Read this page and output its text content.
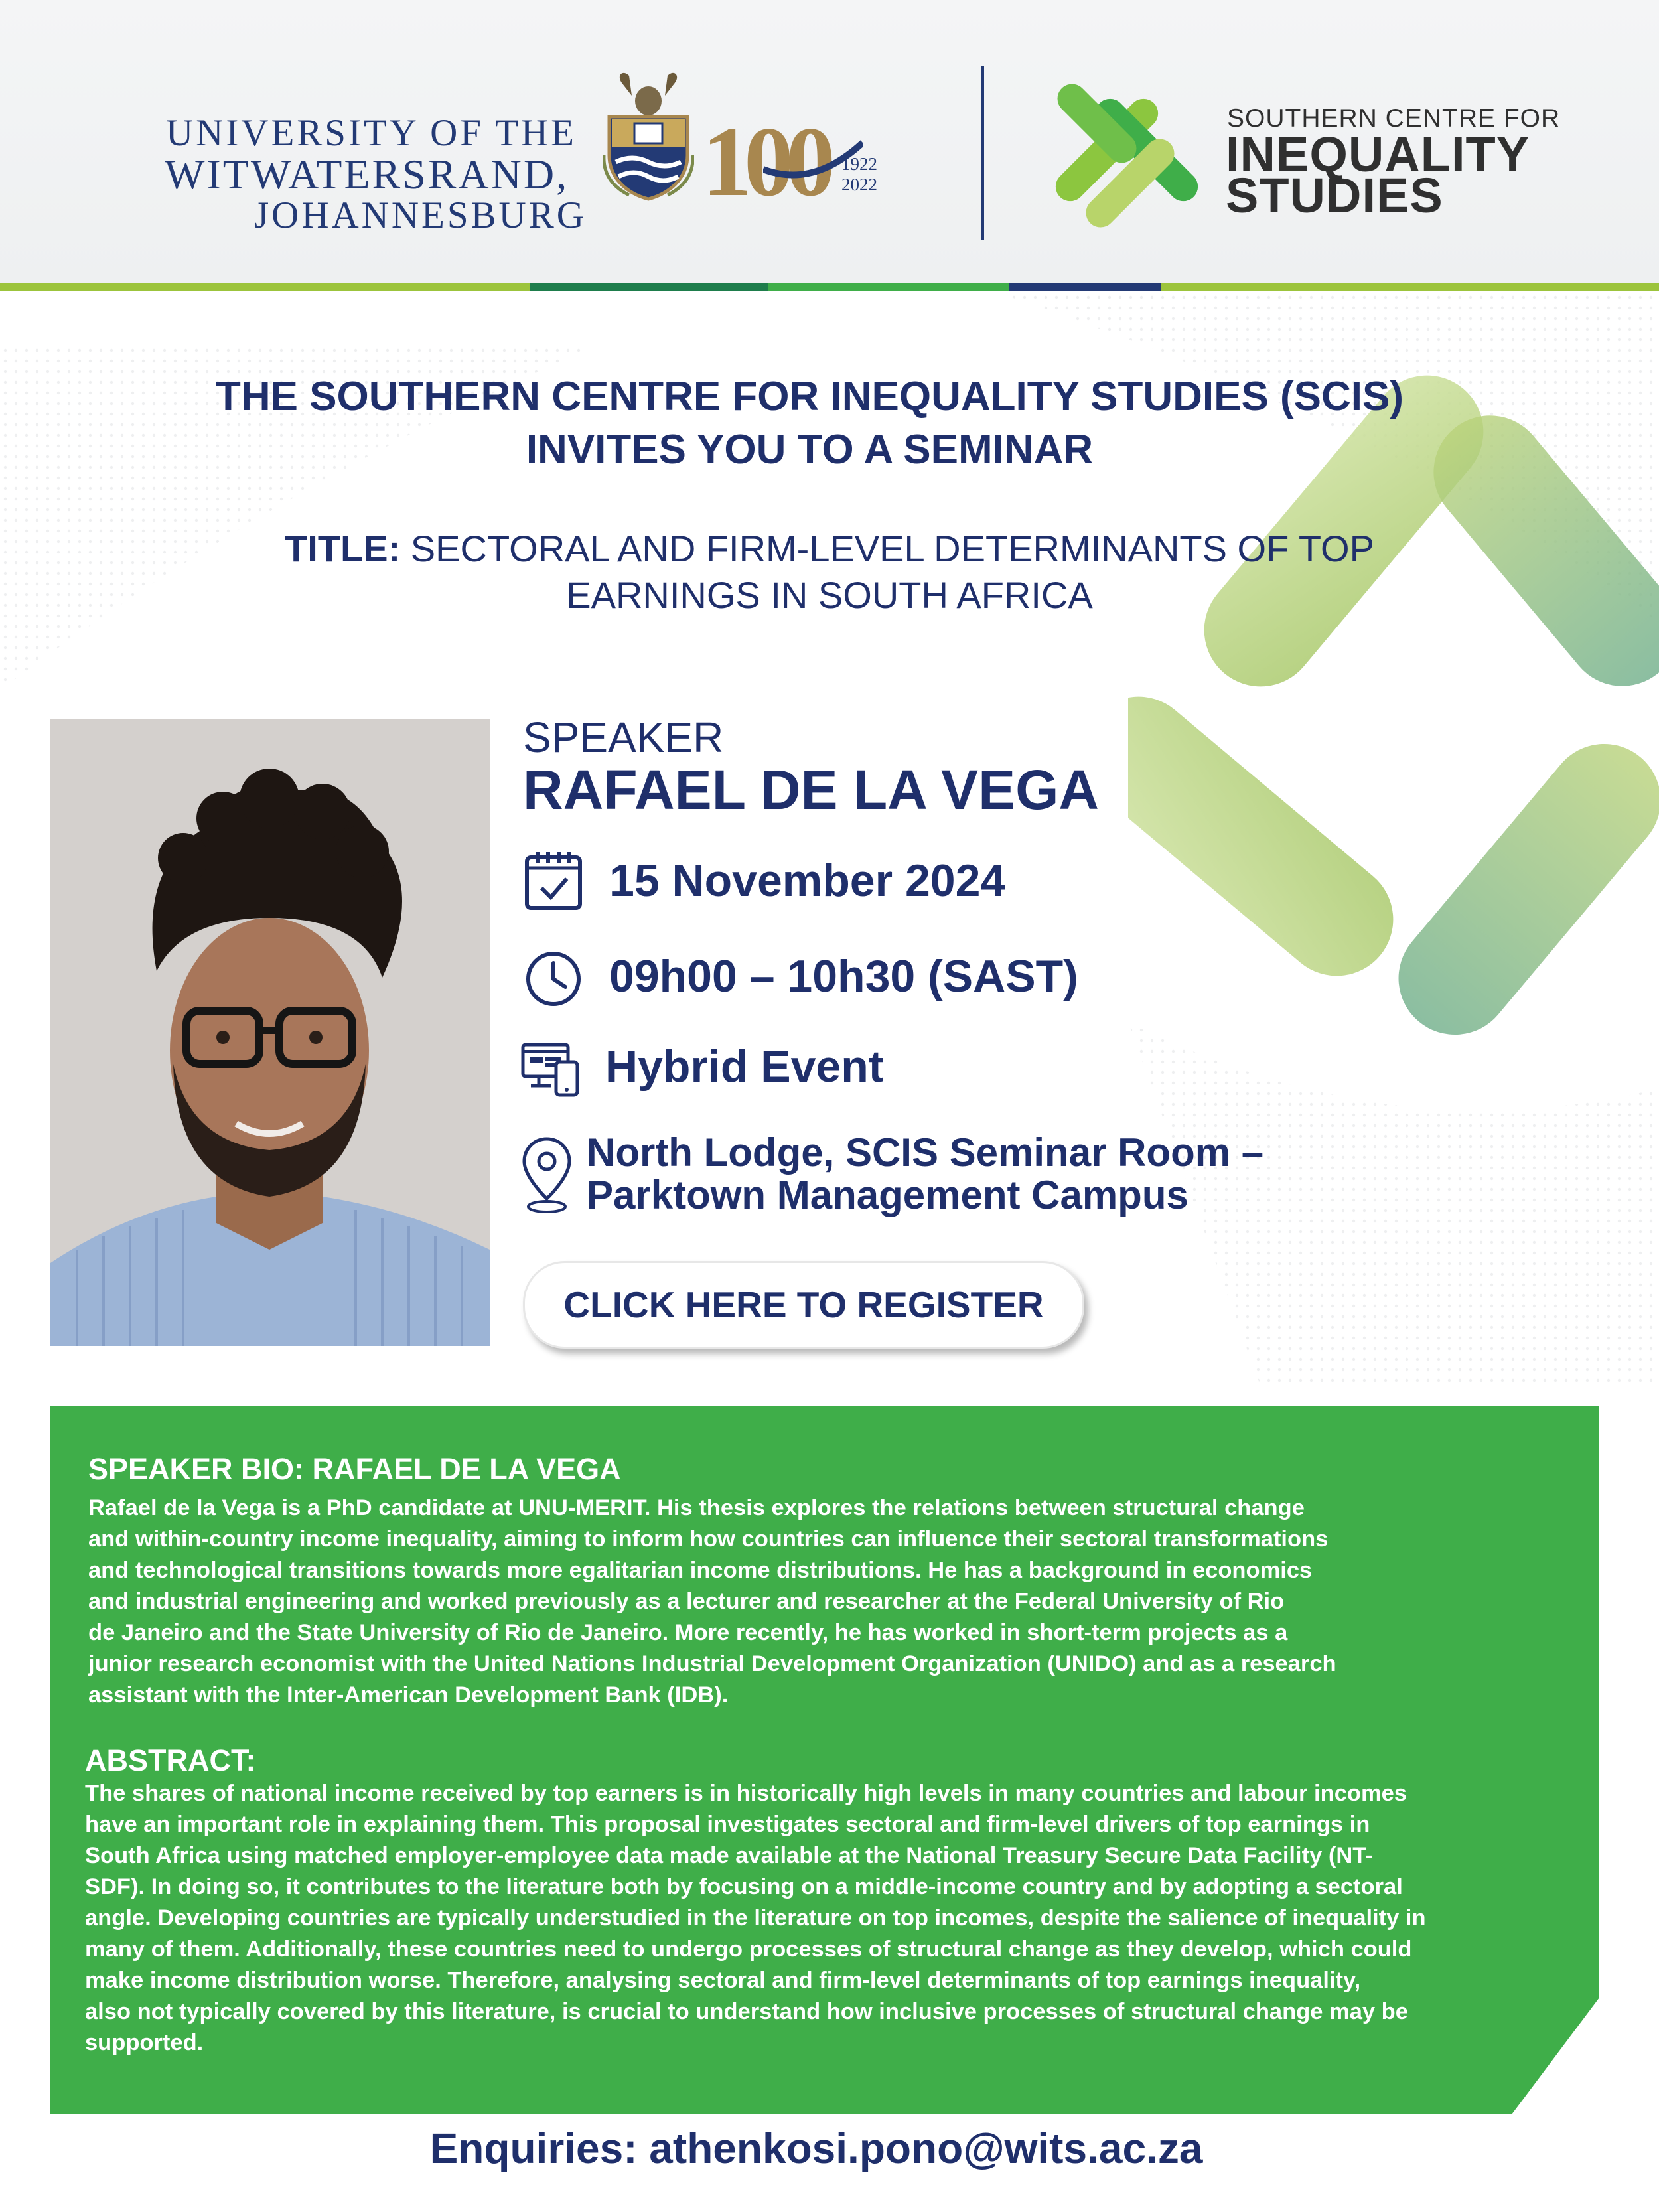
UNIVERSITY OF THE
WITWATERSRAND,
JOHANNESBURG 100 1922
2022
SOUTHERN CENTRE FOR
INEQUALITY
STUDIES
THE SOUTHERN CENTRE FOR INEQUALITY STUDIES (SCIS)
INVITES YOU TO A SEMINAR
TITLE: SECTORAL AND FIRM-LEVEL DETERMINANTS OF TOP
EARNINGS IN SOUTH AFRICA
SPEAKER
RAFAEL DE LA VEGA
15 November 2024
09h00 – 10h30 (SAST)
Hybrid Event
North Lodge, SCIS Seminar Room –
Parktown Management Campus
CLICK HERE TO REGISTER
SPEAKER BIO: RAFAEL DE LA VEGA
Rafael de la Vega is a PhD candidate at UNU-MERIT. His thesis explores the relations between structural change
and within-country income inequality, aiming to inform how countries can influence their sectoral transformations
and technological transitions towards more egalitarian income distributions. He has a background in economics
and industrial engineering and worked previously as a lecturer and researcher at the Federal University of Rio
de Janeiro and the State University of Rio de Janeiro. More recently, he has worked in short-term projects as a
junior research economist with the United Nations Industrial Development Organization (UNIDO) and as a research
assistant with the Inter-American Development Bank (IDB).
ABSTRACT:
The shares of national income received by top earners is in historically high levels in many countries and labour incomes
have an important role in explaining them. This proposal investigates sectoral and firm-level drivers of top earnings in
South Africa using matched employer-employee data made available at the National Treasury Secure Data Facility (NT-
SDF). In doing so, it contributes to the literature both by focusing on a middle-income country and by adopting a sectoral
angle. Developing countries are typically understudied in the literature on top incomes, despite the salience of inequality in
many of them. Additionally, these countries need to undergo processes of structural change as they develop, which could
make income distribution worse. Therefore, analysing sectoral and firm-level determinants of top earnings inequality,
also not typically covered by this literature, is crucial to understand how inclusive processes of structural change may be
supported.
Enquiries: athenkosi.pono@wits.ac.za
